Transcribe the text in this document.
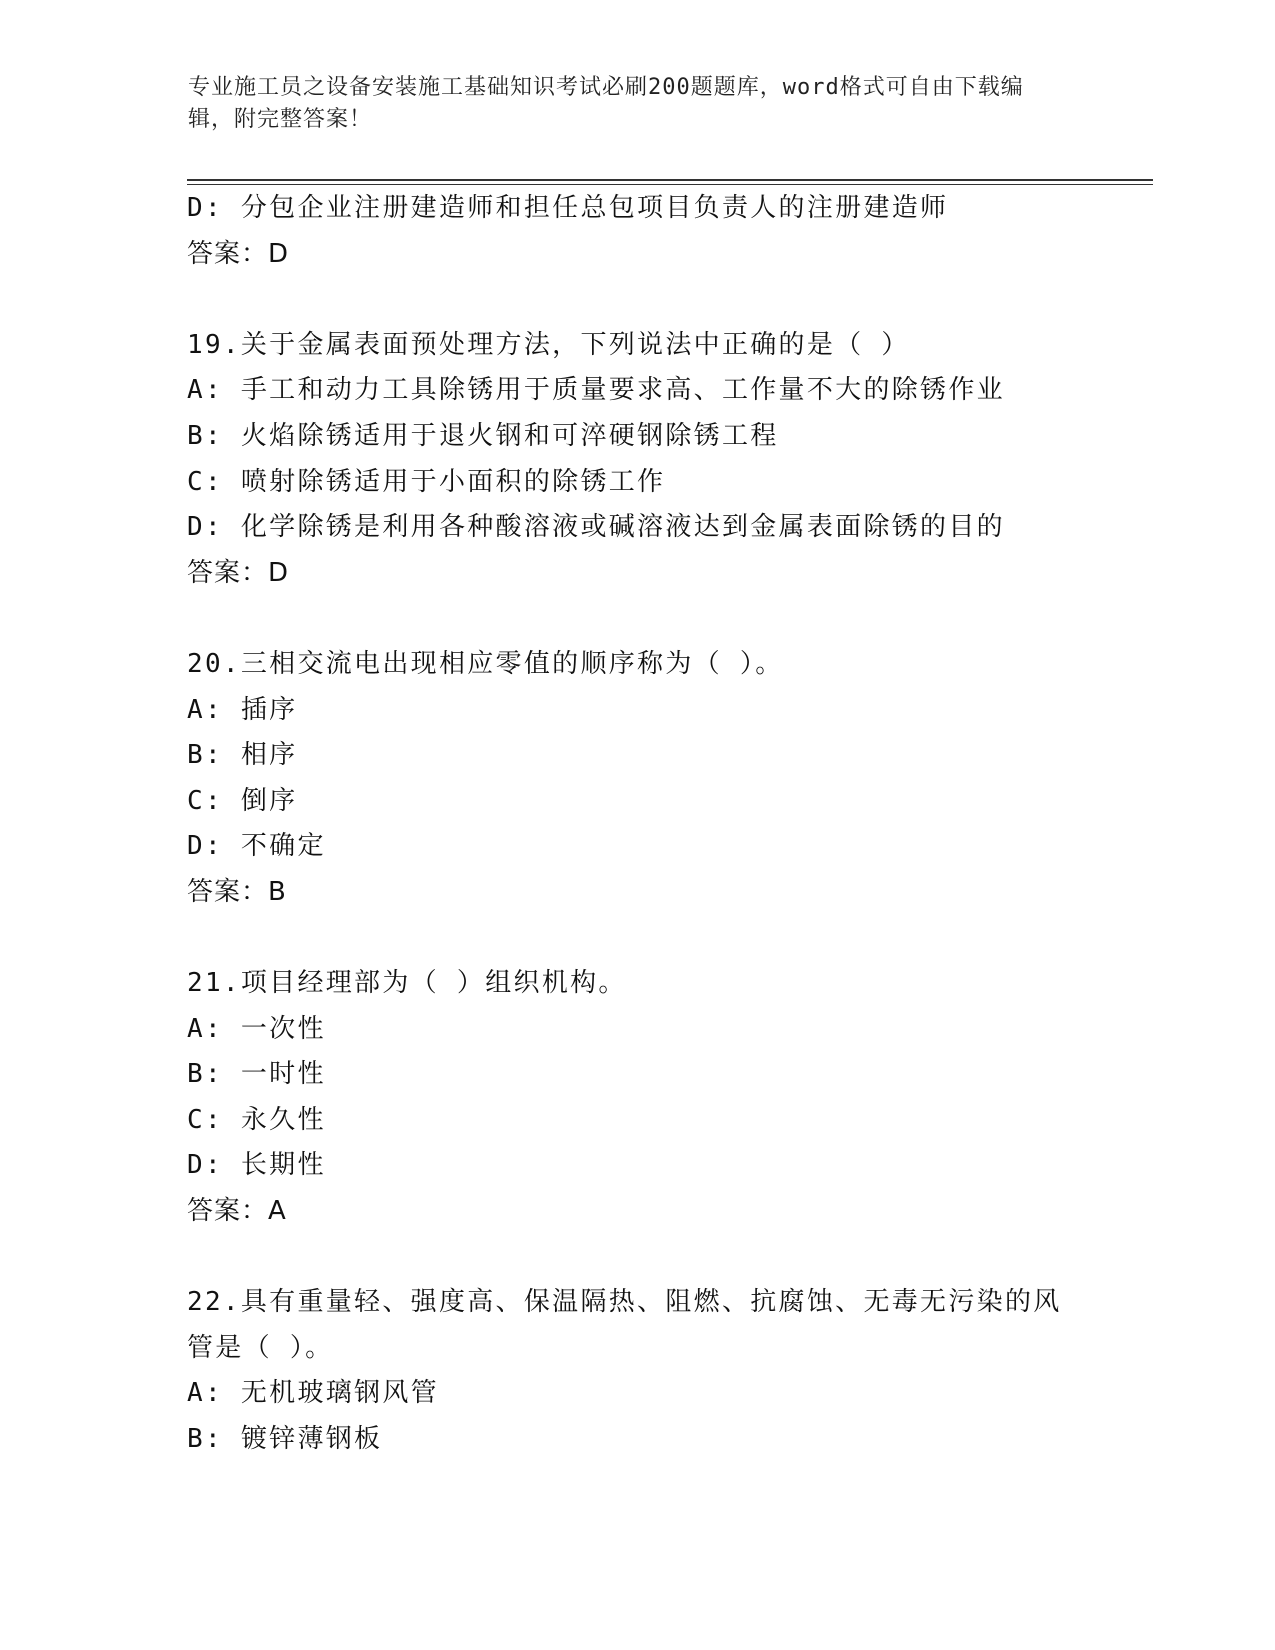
专业施工员之设备安装施工基础知识考试必刷200题题库，word格式可自由下载编辑，附完整答案！
D: 分包企业注册建造师和担任总包项目负责人的注册建造师
答案：D
19.关于金属表面预处理方法，下列说法中正确的是（ ）
A: 手工和动力工具除锈用于质量要求高、工作量不大的除锈作业
B: 火焰除锈适用于退火钢和可淬硬钢除锈工程
C: 喷射除锈适用于小面积的除锈工作
D: 化学除锈是利用各种酸溶液或碱溶液达到金属表面除锈的目的
答案：D
20.三相交流电出现相应零值的顺序称为（ ）。
A: 插序
B: 相序
C: 倒序
D: 不确定
答案：B
21.项目经理部为（ ）组织机构。
A: 一次性
B: 一时性
C: 永久性
D: 长期性
答案：A
22.具有重量轻、强度高、保温隔热、阻燃、抗腐蚀、无毒无污染的风
管是（ ）。
A: 无机玻璃钢风管
B: 镀锌薄钢板
